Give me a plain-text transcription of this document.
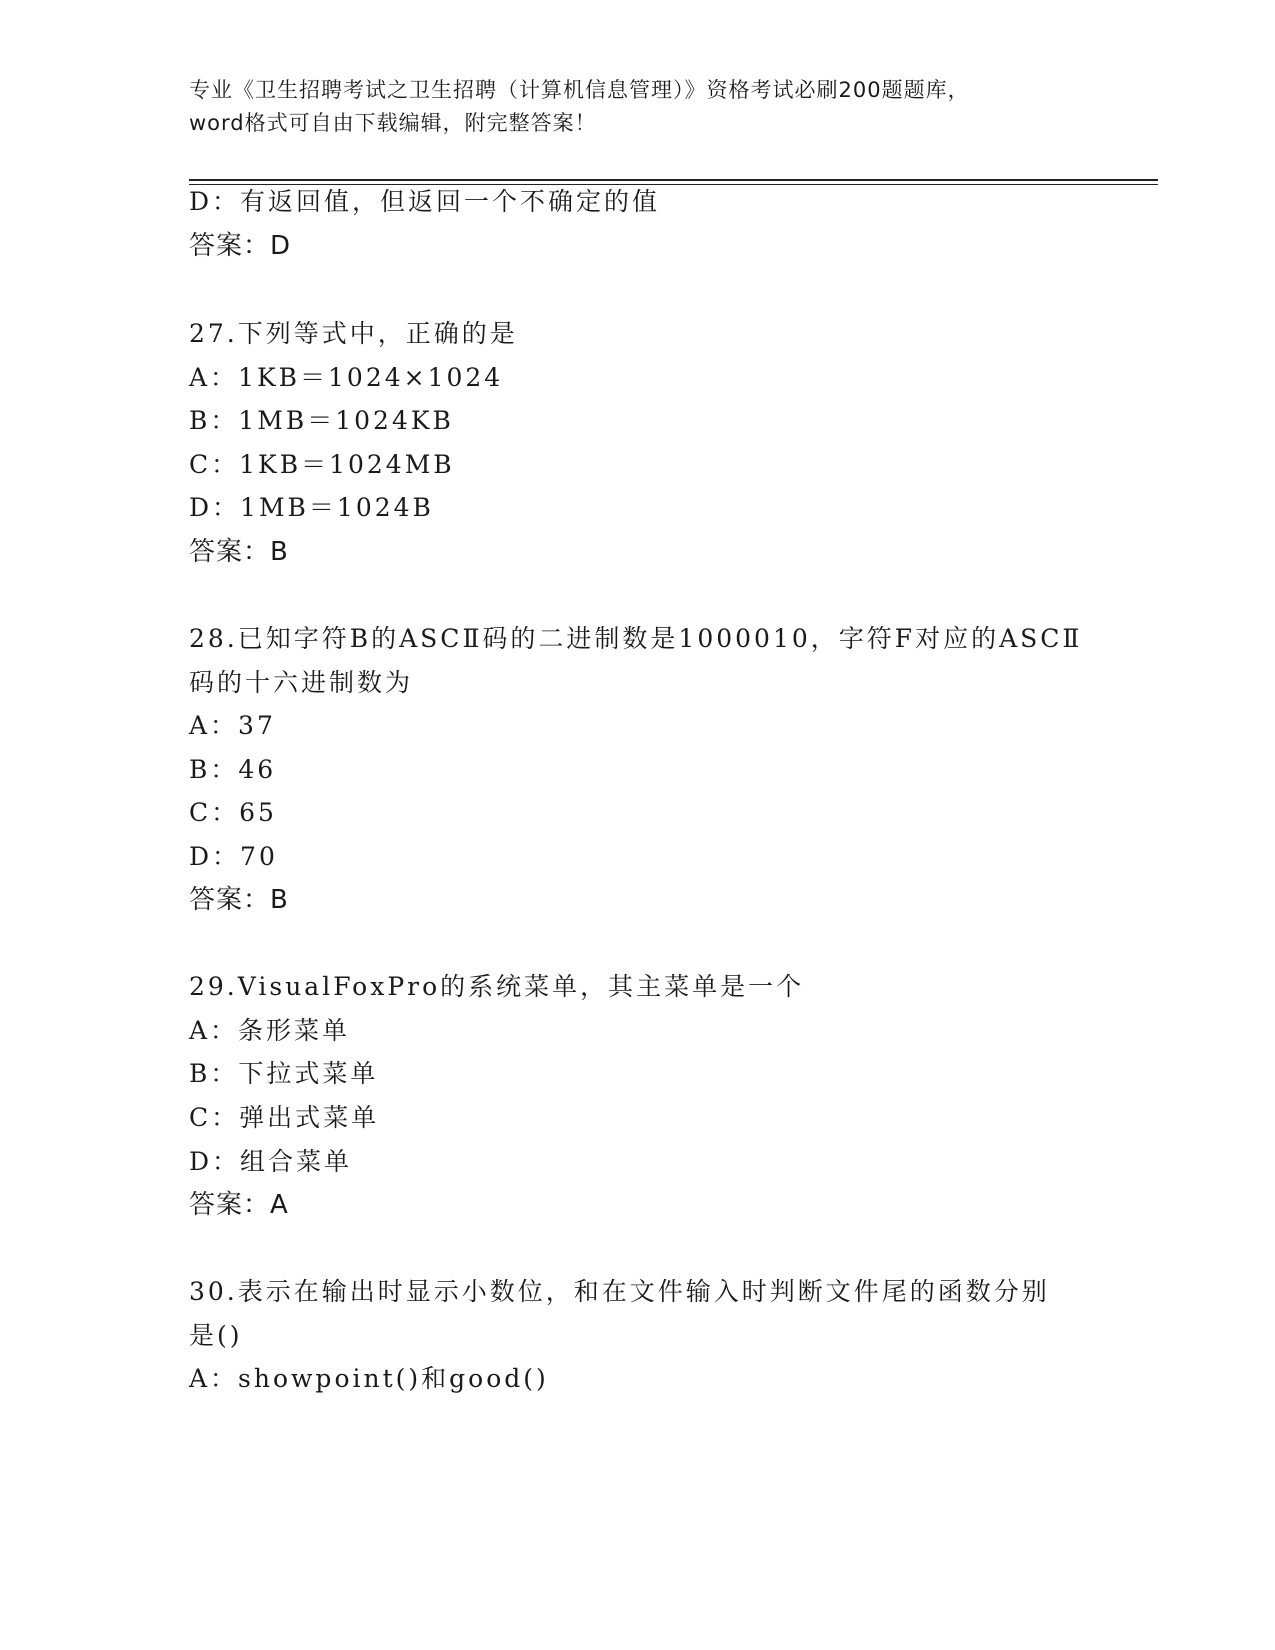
专业《卫生招聘考试之卫生招聘（计算机信息管理）》资格考试必刷200题题库，
word格式可自由下载编辑，附完整答案！
D：有返回值，但返回一个不确定的值
答案：D
27.下列等式中，正确的是
A：1KB＝1024×1024
B：1MB＝1024KB
C：1KB＝1024MB
D：1MB＝1024B
答案：B
28.已知字符B的ASCⅡ码的二进制数是1000010，字符F对应的ASCⅡ
码的十六进制数为
A：37
B：46
C：65
D：70
答案：B
29.VisualFoxPro的系统菜单，其主菜单是一个
A：条形菜单
B：下拉式菜单
C：弹出式菜单
D：组合菜单
答案：A
30.表示在输出时显示小数位，和在文件输入时判断文件尾的函数分别
是()
A：showpoint()和good()
